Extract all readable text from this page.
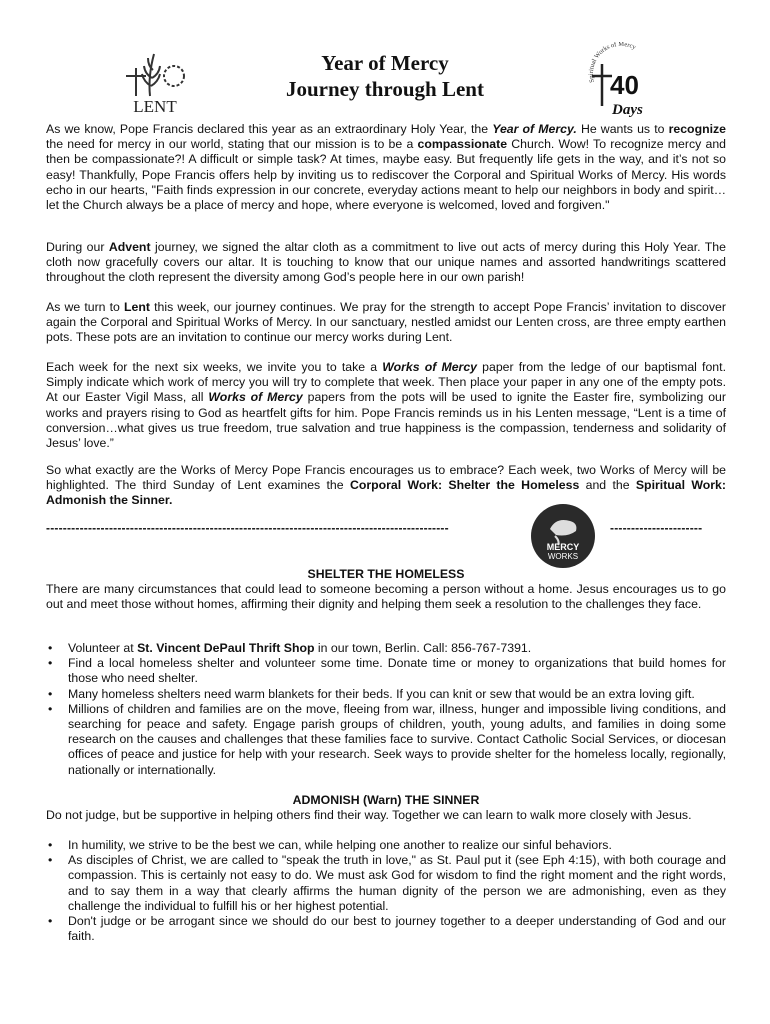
LENT
Year of Mercy
Journey through Lent	Spiritual Works of Mercy
40
Days

As we know, Pope Francis declared this year as an extraordinary Holy Year, the Year of Mercy. He wants us to recognize the need for mercy in our world, stating that our mission is to be a compassionate Church. Wow! To recognize mercy and then be compassionate?! A difficult or simple task? At times, maybe easy. But frequently life gets in the way, and it’s not so easy! Thankfully, Pope Francis offers help by inviting us to rediscover the Corporal and Spiritual Works of Mercy. His words echo in our hearts, "Faith finds expression in our concrete, everyday actions meant to help our neighbors in body and spirit…let the Church always be a place of mercy and hope, where everyone is welcomed, loved and forgiven."

During our Advent journey, we signed the altar cloth as a commitment to live out acts of mercy during this Holy Year. The cloth now gracefully covers our altar. It is touching to know that our unique names and assorted handwritings scattered throughout the cloth represent the diversity among God’s people here in our own parish!

As we turn to Lent this week, our journey continues. We pray for the strength to accept Pope Francis’ invitation to discover again the Corporal and Spiritual Works of Mercy. In our sanctuary, nestled amidst our Lenten cross, are three empty earthen pots. These pots are an invitation to continue our mercy works during Lent.

Each week for the next six weeks, we invite you to take a Works of Mercy paper from the ledge of our baptismal font. Simply indicate which work of mercy you will try to complete that week. Then place your paper in any one of the empty pots. At our Easter Vigil Mass, all Works of Mercy papers from the pots will be used to ignite the Easter fire, symbolizing our works and prayers rising to God as heartfelt gifts for him. Pope Francis reminds us in his Lenten message, “Lent is a time of conversion…what gives us true freedom, true salvation and true happiness is the compassion, tenderness and solidarity of Jesus’ love.”

So what exactly are the Works of Mercy Pope Francis encourages us to embrace? Each week, two Works of Mercy will be highlighted. The third Sunday of Lent examines the Corporal Work: Shelter the Homeless and the Spiritual Work: Admonish the Sinner.

------------------------------------------------------------------------------------------------
MERCY
WORKS
----------------------
SHELTER THE HOMELESS

There are many circumstances that could lead to someone becoming a person without a home. Jesus encourages us to go out and meet those without homes, affirming their dignity and helping them seek a resolution to the challenges they face.

• Volunteer at St. Vincent DePaul Thrift Shop in our town, Berlin. Call: 856-767-7391.
• Find a local homeless shelter and volunteer some time. Donate time or money to organizations that build homes for those who need shelter.
• Many homeless shelters need warm blankets for their beds. If you can knit or sew that would be an extra loving gift.
• Millions of children and families are on the move, fleeing from war, illness, hunger and impossible living conditions, and searching for peace and safety. Engage parish groups of children, youth, young adults, and families in doing some research on the causes and challenges that these families face to survive. Contact Catholic Social Services, or diocesan offices of peace and justice for help with your research. Seek ways to provide shelter for the homeless locally, regionally, nationally or internationally.
ADMONISH (Warn) THE SINNER

Do not judge, but be supportive in helping others find their way. Together we can learn to walk more closely with Jesus.

• In humility, we strive to be the best we can, while helping one another to realize our sinful behaviors.
• As disciples of Christ, we are called to "speak the truth in love," as St. Paul put it (see Eph 4:15), with both courage and compassion. This is certainly not easy to do. We must ask God for wisdom to find the right moment and the right words, and to say them in a way that clearly affirms the human dignity of the person we are admonishing, even as they challenge the individual to fulfill his or her highest potential.
• Don't judge or be arrogant since we should do our best to journey together to a deeper understanding of God and our faith.
